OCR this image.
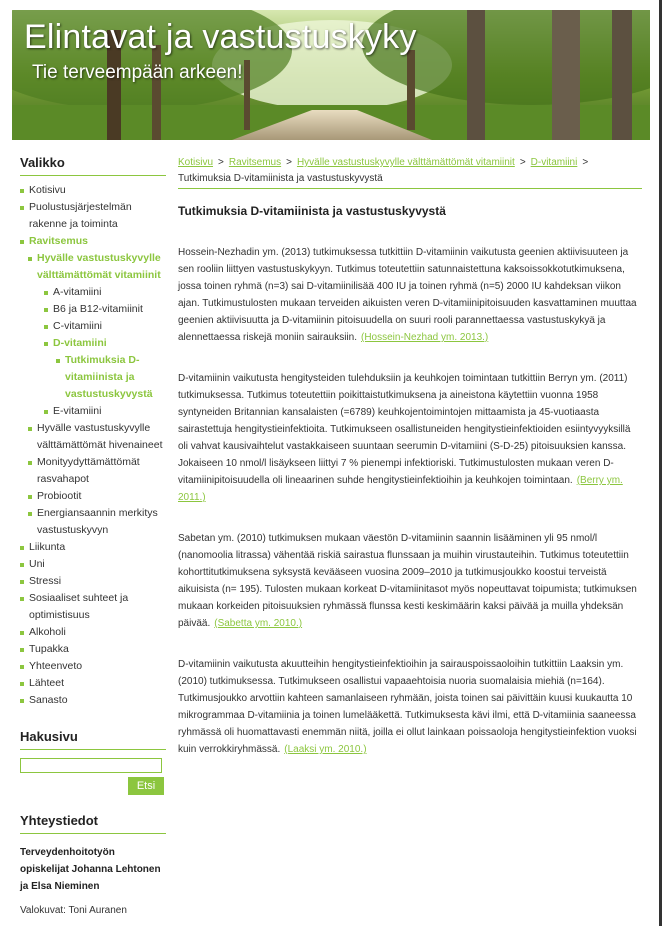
Elintavat ja vastustuskyky
Tie terveempään arkeen!
Valikko
Kotisivu
Puolustusjärjestelmän rakenne ja toiminta
Ravitsemus
Hyvälle vastustuskyvylle välttämättömät vitamiinit
A-vitamiini
B6 ja B12-vitamiinit
C-vitamiini
D-vitamiini
Tutkimuksia D-vitamiinista ja vastustuskyvystä
E-vitamiini
Hyvälle vastustuskyvylle välttämättömät hivenaineet
Monityydyttämättömät rasvahapot
Probiootit
Energiansaannin merkitys vastustuskyvyn
Liikunta
Uni
Stressi
Sosiaaliset suhteet ja optimistisuus
Alkoholi
Tupakka
Yhteenveto
Lähteet
Sanasto
Hakusivu
Etsi
Yhteystiedot
Terveydenhoitotyön opiskelijat Johanna Lehtonen ja Elsa Nieminen
Valokuvat: Toni Auranen
Kotisivu > Ravitsemus > Hyvälle vastustuskyvylle välttämättömät vitamiinit > D-vitamiini >
Tutkimuksia D-vitamiinista ja vastustuskyvystä
Tutkimuksia D-vitamiinista ja vastustuskyvystä

Hossein-Nezhadin ym. (2013) tutkimuksessa tutkittiin D-vitamiinin vaikutusta geenien aktiivisuuteen ja sen rooliin liittyen vastustuskykyyn. Tutkimus toteutettiin satunnaistettuna kaksoissokkotutkimuksena, jossa toinen ryhmä (n=3) sai D-vitamiinilisää 400 IU ja toinen ryhmä (n=5) 2000 IU kahdeksan viikon ajan. Tutkimustulosten mukaan terveiden aikuisten veren D-vitamiinipitoisuuden kasvattaminen muuttaa geenien aktiivisuutta ja D-vitamiinin pitoisuudella on suuri rooli parannettaessa vastustuskykyä ja alennettaessa riskejä moniin sairauksiin. (Hossein-Nezhad ym. 2013.)

D-vitamiinin vaikutusta hengitysteiden tulehduksiin ja keuhkojen toimintaan tutkittiin Berryn ym. (2011) tutkimuksessa. Tutkimus toteutettiin poikittaistutkimuksena ja aineistona käytettiin vuonna 1958 syntyneiden Britannian kansalaisten (=6789) keuhkojentoimintojen mittaamista ja 45-vuotiaasta sairastettuja hengitystieinfektioita. Tutkimukseen osallistuneiden hengitystieinfektioiden esiintyvyyksillä oli vahvat kausivaihtelut vastakkaiseen suuntaan seerumin D-vitamiini (S-D-25) pitoisuuksien kanssa. Jokaiseen 10 nmol/l lisäykseen liittyi 7 % pienempi infektioriski. Tutkimustulosten mukaan veren D-vitamiinipitoisuudella oli lineaarinen suhde hengitystieinfektioihin ja keuhkojen toimintaan. (Berry ym. 2011.)

Sabetan ym. (2010) tutkimuksen mukaan väestön D-vitamiinin saannin lisääminen yli 95 nmol/l (nanomoolia litrassa) vähentää riskiä sairastua flunssaan ja muihin virustauteihin. Tutkimus toteutettiin kohorttitutkimuksena syksystä kevääseen vuosina 2009–2010 ja tutkimusjoukko koostui terveistä aikuisista (n= 195). Tulosten mukaan korkeat D-vitamiinitasot myös nopeuttavat toipumista; tutkimuksen mukaan korkeiden pitoisuuksien ryhmässä flunssa kesti keskimäärin kaksi päivää ja muilla yhdeksän päivää. (Sabetta ym. 2010.)

D-vitamiinin vaikutusta akuutteihin hengitystieinfektioihin ja sairauspoissaoloihin tutkittiin Laaksin ym. (2010) tutkimuksessa. Tutkimukseen osallistui vapaaehtoisia nuoria suomalaisia miehiä (n=164). Tutkimusjoukko arvottiin kahteen samanlaiseen ryhmään, joista toinen sai päivittäin kuusi kuukautta 10 mikrogrammaa D-vitamiinia ja toinen lumelääkettä. Tutkimuksesta kävi ilmi, että D-vitamiinia saaneessa ryhmässä oli huomattavasti enemmän niitä, joilla ei ollut lainkaan poissaoloja hengitystieinfektion vuoksi kuin verrokkiryhmässä. (Laaksi ym. 2010.)
